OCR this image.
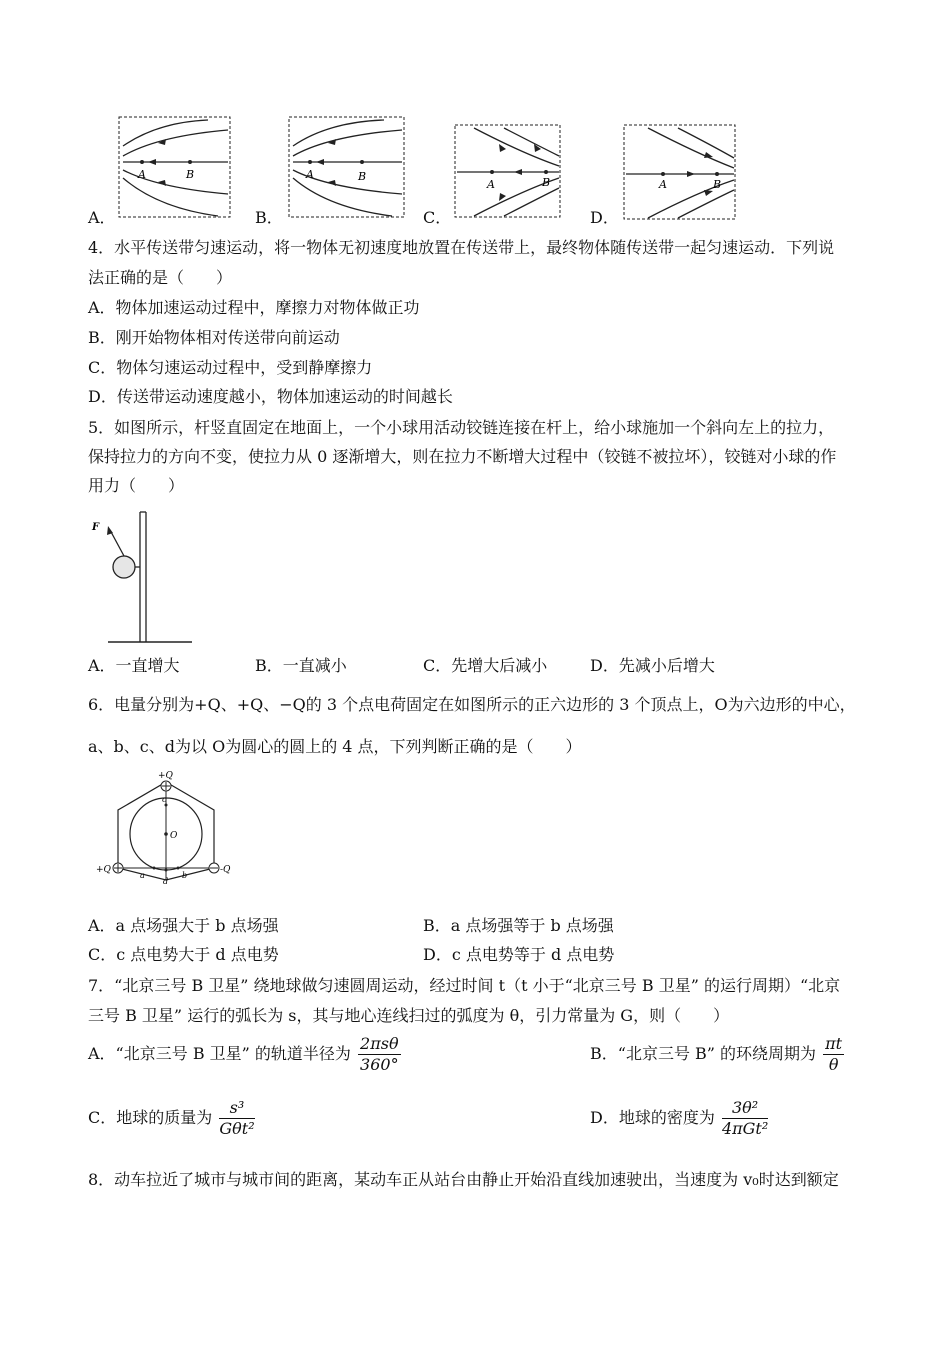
A．
A	B
B．
A	B
C．
A	B
D．
A	B
4．水平传送带匀速运动，将一物体无初速度地放置在传送带上，最终物体随传送带一起匀速运动．下列说
法正确的是（　　）
A．物体加速运动过程中，摩擦力对物体做正功
B．刚开始物体相对传送带向前运动
C．物体匀速运动过程中，受到静摩擦力
D．传送带运动速度越小，物体加速运动的时间越长
5．如图所示，杆竖直固定在地面上，一个小球用活动铰链连接在杆上，给小球施加一个斜向左上的拉力，
保持拉力的方向不变，使拉力从 0 逐渐增大，则在拉力不断增大过程中（铰链不被拉坏），铰链对小球的作
用力（　　）
F
A．一直增大	B．一直减小	C．先增大后减小	D．先减小后增大
6．电量分别为+Q、+Q、−Q的 3 个点电荷固定在如图所示的正六边形的 3 个顶点上，O为六边形的中心，
a、b、c、d为以 O为圆心的圆上的 4 点，下列判断正确的是（　　）
+Q
+Q	-Q
O
c
a	b
d
A．a 点场强大于 b 点场强	B．a 点场强等于 b 点场强
C．c 点电势大于 d 点电势	D．c 点电势等于 d 点电势
7．“北京三号 B 卫星” 绕地球做匀速圆周运动，经过时间 t（t 小于“北京三号 B 卫星” 的运行周期）“北京
三号 B 卫星” 运行的弧长为 s，其与地心连线扫过的弧度为 θ，引力常量为 G，则（　　）
A．“北京三号 B 卫星” 的轨道半径为 $\frac{\text{2πsθ}}{360^\circ}$	B．“北京三号 B” 的环绕周期为 $\frac{\pi t}{\theta}$
C．地球的质量为 $\frac{\text{s³}}{\text{Gθt²}}$	D．地球的密度为 $\frac{\text{3θ²}}{\text{4πGt²}}$
8．动车拉近了城市与城市间的距离，某动车正从站台由静止开始沿直线加速驶出，当速度为 v₀时达到额定
